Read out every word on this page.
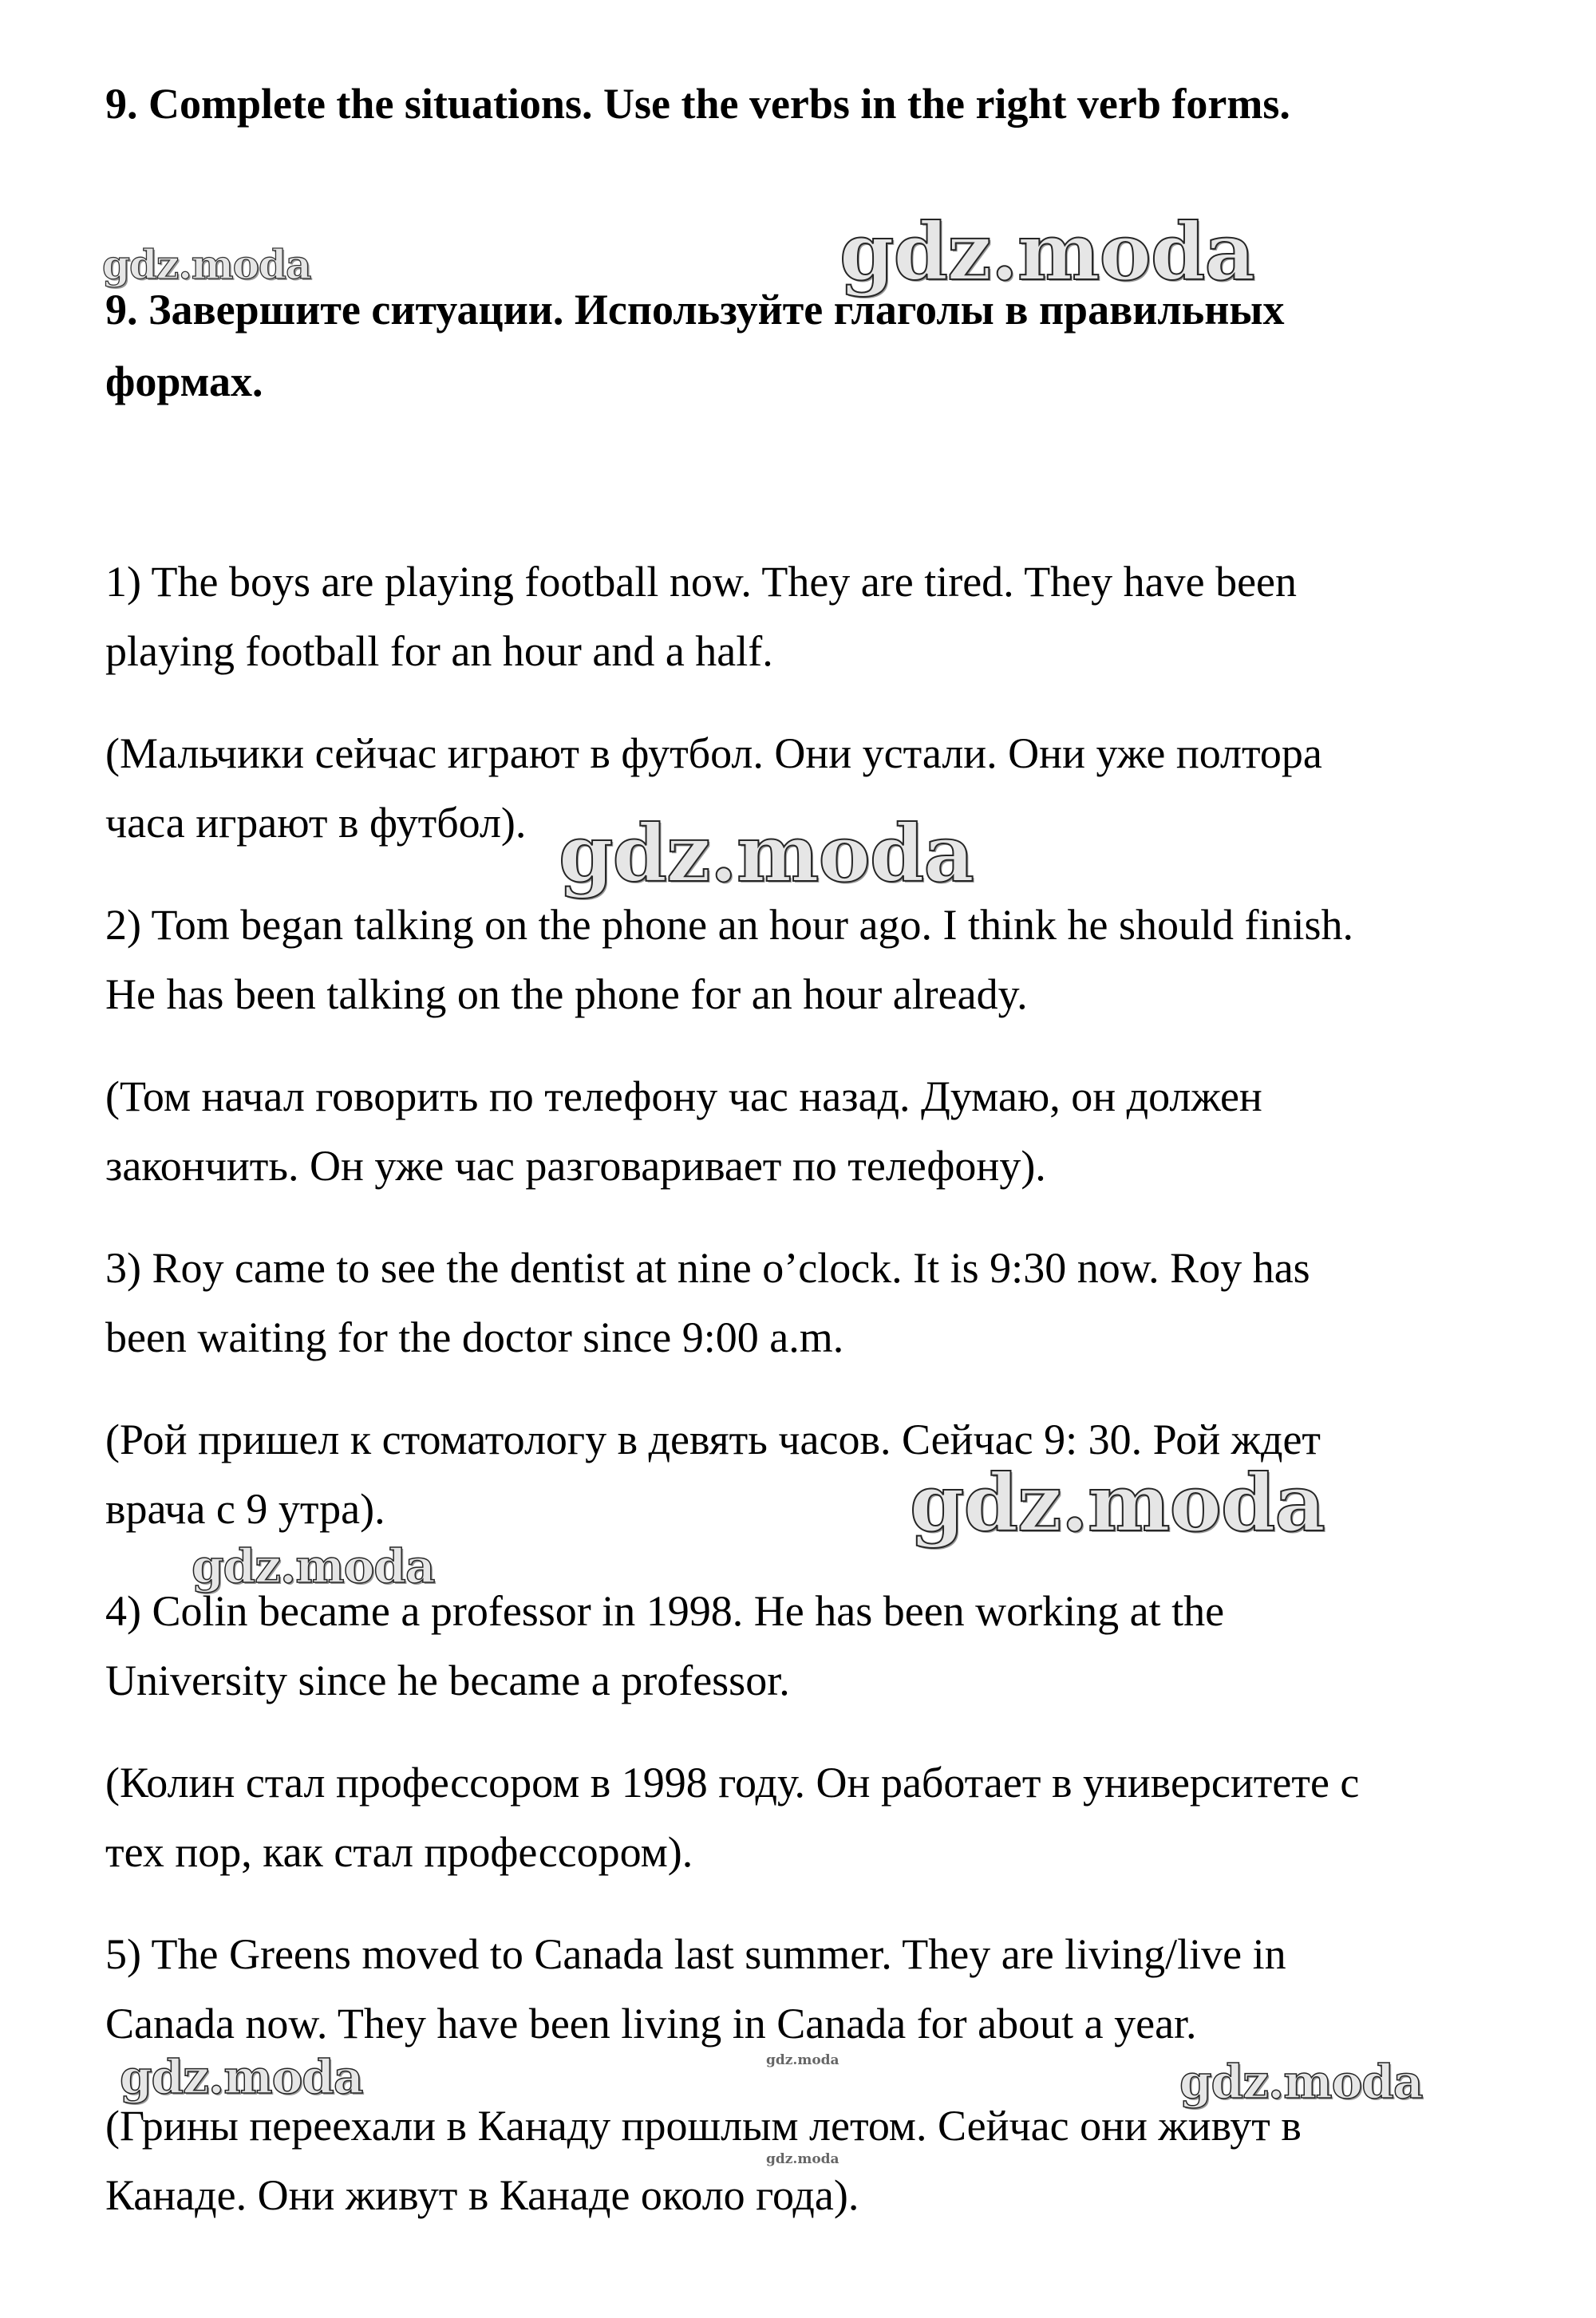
gdz.moda	gdz.moda
gdz.moda
gdz.moda
gdz.moda
gdz.moda	gdz.moda
gdz.moda
gdz.moda
9. Complete the situations. Use the verbs in the right verb forms.
9. Завершите ситуации. Используйте глаголы в правильных
формах.
1) The boys are playing football now. They are tired. They have been
playing football for an hour and a half.
(Мальчики сейчас играют в футбол. Они устали. Они уже полтора
часа играют в футбол).
2) Tom began talking on the phone an hour ago. I think he should finish.
He has been talking on the phone for an hour already.
(Том начал говорить по телефону час назад. Думаю, он должен
закончить. Он уже час разговаривает по телефону).
3) Roy came to see the dentist at nine o’clock. It is 9:30 now. Roy has
been waiting for the doctor since 9:00 a.m.
(Рой пришел к стоматологу в девять часов. Сейчас 9: 30. Рой ждет
врача с 9 утра).
4) Colin became a professor in 1998. He has been working at the
University since he became a professor.
(Колин стал профессором в 1998 году. Он работает в университете с
тех пор, как стал профессором).
5) The Greens moved to Canada last summer. They are living/live in
Canada now. They have been living in Canada for about a year.
(Грины переехали в Канаду прошлым летом. Сейчас они живут в
Канаде. Они живут в Канаде около года).
